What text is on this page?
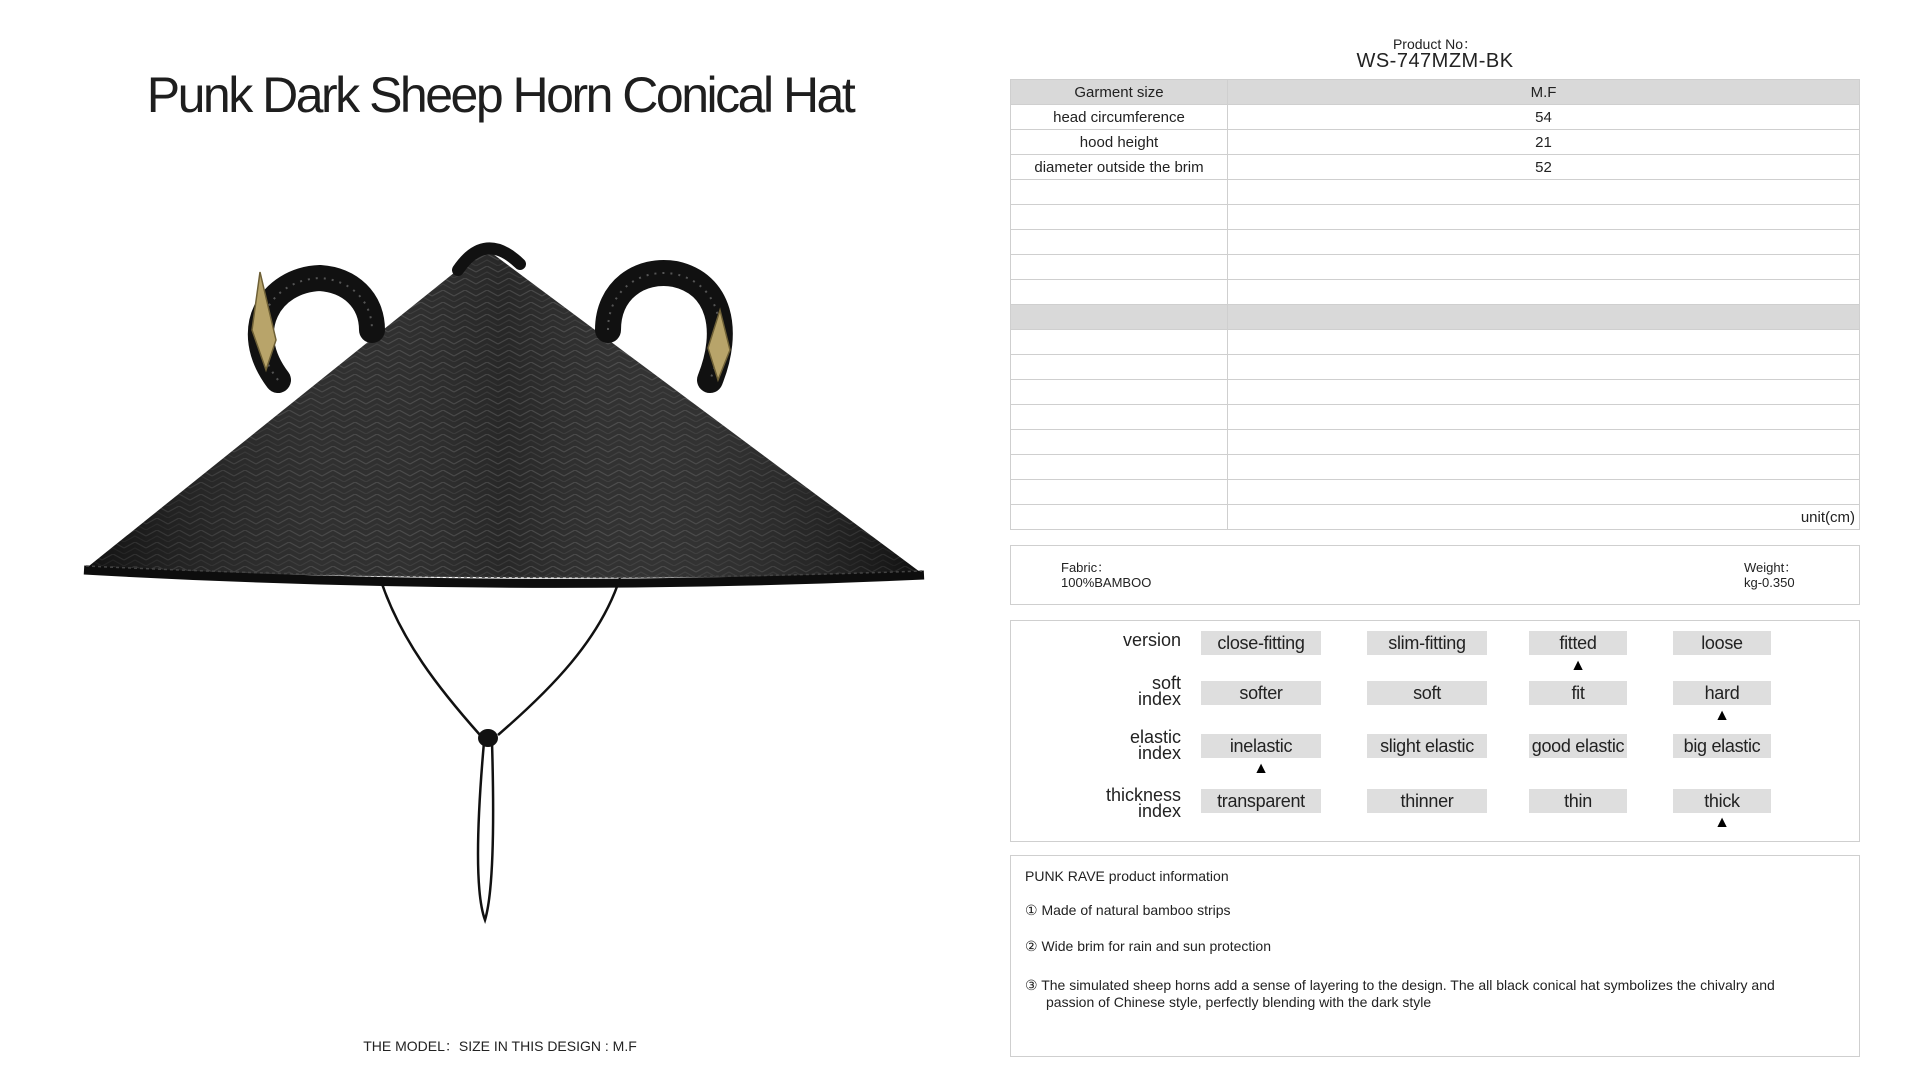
Punk Dark Sheep Horn Conical Hat
THE MODEL：SIZE IN THIS DESIGN : M.F
Product No：
WS-747MZM-BK
Garment size	M.F
head circumference	54
hood height	21
diameter outside the brim	52

	unit(cm)
Fabric：
100%BAMBOO
Weight：
kg-0.350
version	close-fitting	slim-fitting	fitted	loose
▲
soft
index	softer	soft	fit	hard
▲
elastic
index	inelastic	slight elastic	good elastic	big elastic
▲
thickness
index	transparent	thinner	thin	thick
▲
PUNK RAVE product information
① Made of natural bamboo strips
② Wide brim for rain and sun protection
③ The simulated sheep horns add a sense of layering to the design. The all black conical hat symbolizes the chivalry and passion of Chinese style, perfectly blending with the dark style
